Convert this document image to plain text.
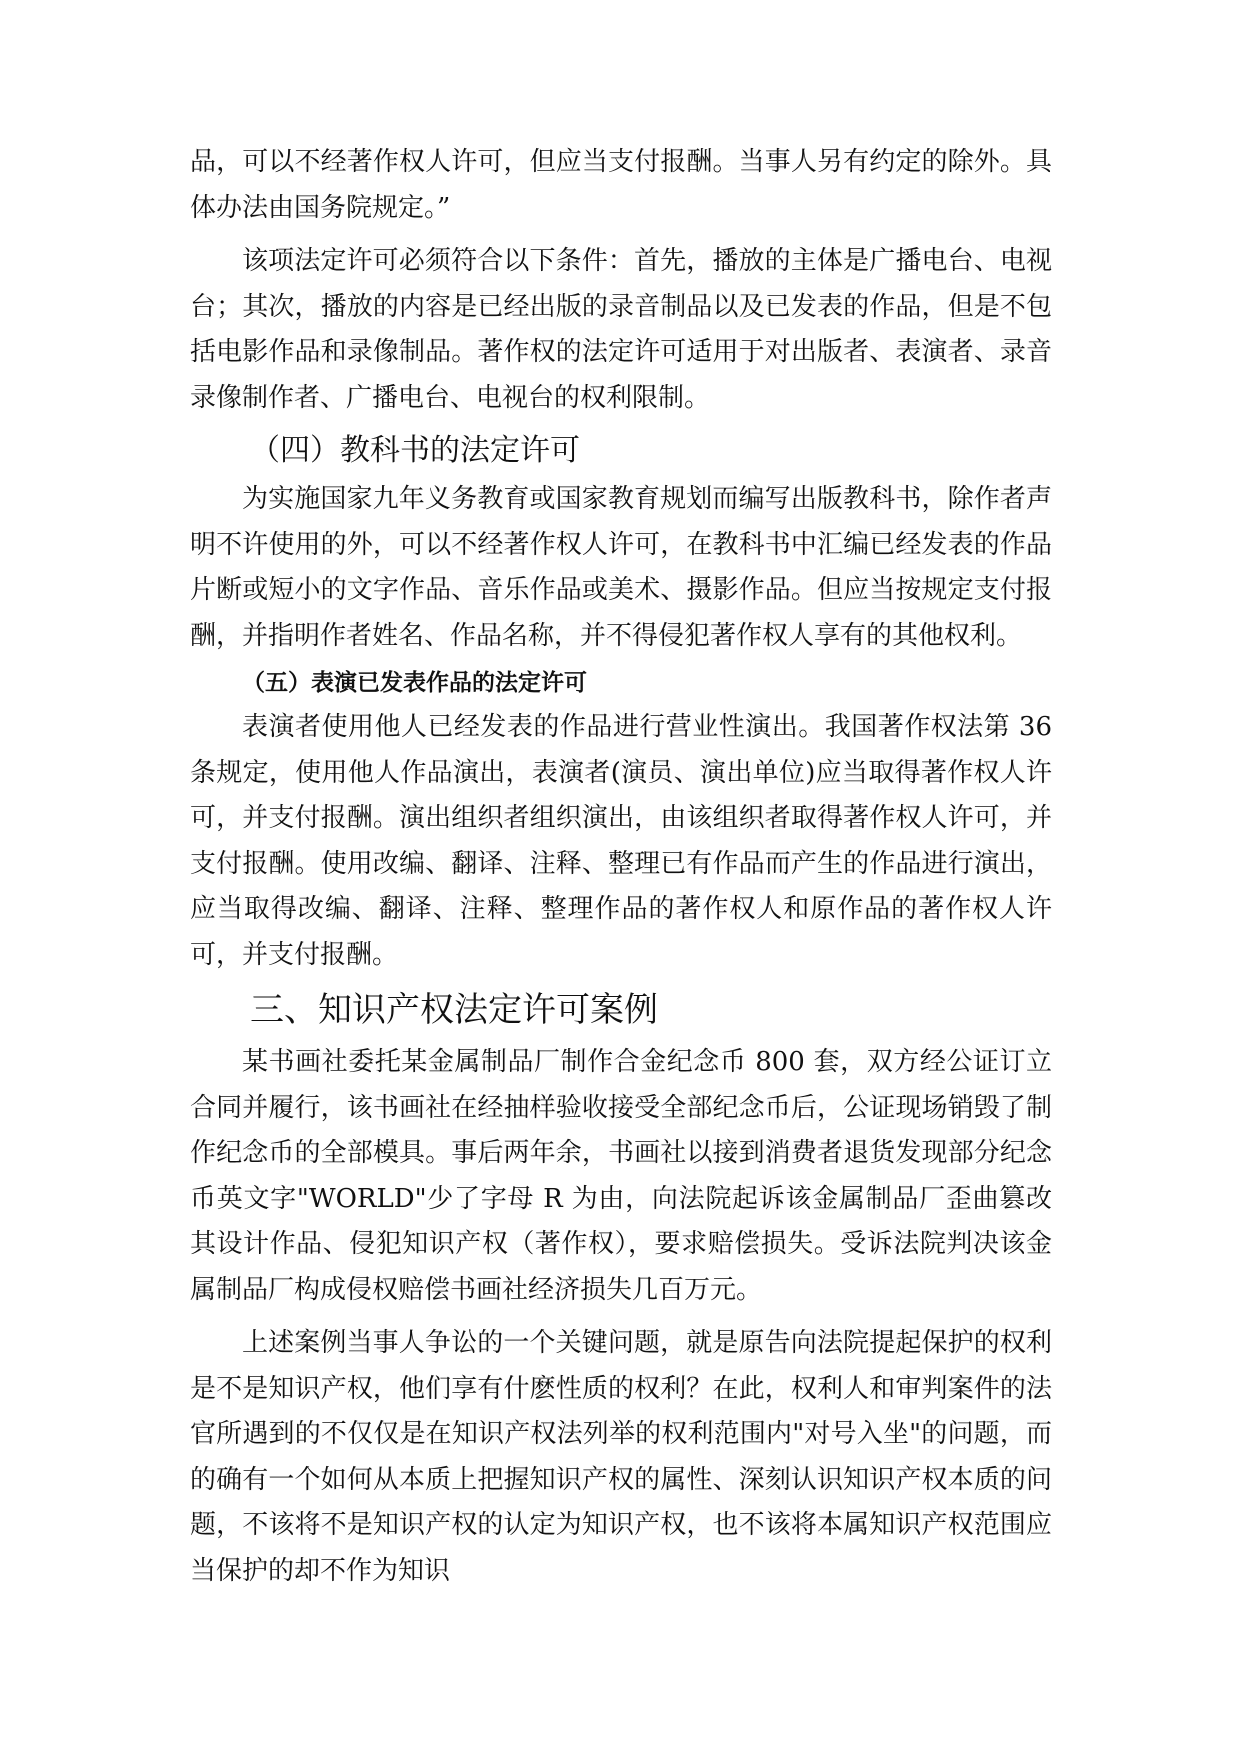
品，可以不经著作权人许可，但应当支付报酬。当事人另有约定的除外。具体办法由国务院规定。”

该项法定许可必须符合以下条件：首先，播放的主体是广播电台、电视台；其次，播放的内容是已经出版的录音制品以及已发表的作品，但是不包括电影作品和录像制品。著作权的法定许可适用于对出版者、表演者、录音录像制作者、广播电台、电视台的权利限制。

（四）教科书的法定许可

为实施国家九年义务教育或国家教育规划而编写出版教科书，除作者声明不许使用的外，可以不经著作权人许可，在教科书中汇编已经发表的作品片断或短小的文字作品、音乐作品或美术、摄影作品。但应当按规定支付报酬，并指明作者姓名、作品名称，并不得侵犯著作权人享有的其他权利。

（五）表演已发表作品的法定许可

表演者使用他人已经发表的作品进行营业性演出。我国著作权法第 36 条规定，使用他人作品演出，表演者(演员、演出单位)应当取得著作权人许可，并支付报酬。演出组织者组织演出，由该组织者取得著作权人许可，并支付报酬。使用改编、翻译、注释、整理已有作品而产生的作品进行演出，应当取得改编、翻译、注释、整理作品的著作权人和原作品的著作权人许可，并支付报酬。

三、知识产权法定许可案例

某书画社委托某金属制品厂制作合金纪念币 800 套，双方经公证订立合同并履行，该书画社在经抽样验收接受全部纪念币后，公证现场销毁了制作纪念币的全部模具。事后两年余，书画社以接到消费者退货发现部分纪念币英文字"WORLD"少了字母 R 为由，向法院起诉该金属制品厂歪曲篡改其设计作品、侵犯知识产权（著作权），要求赔偿损失。受诉法院判决该金属制品厂构成侵权赔偿书画社经济损失几百万元。

上述案例当事人争讼的一个关键问题，就是原告向法院提起保护的权利是不是知识产权，他们享有什麽性质的权利？在此，权利人和审判案件的法官所遇到的不仅仅是在知识产权法列举的权利范围内"对号入坐"的问题，而的确有一个如何从本质上把握知识产权的属性、深刻认识知识产权本质的问题，不该将不是知识产权的认定为知识产权，也不该将本属知识产权范围应当保护的却不作为知识
